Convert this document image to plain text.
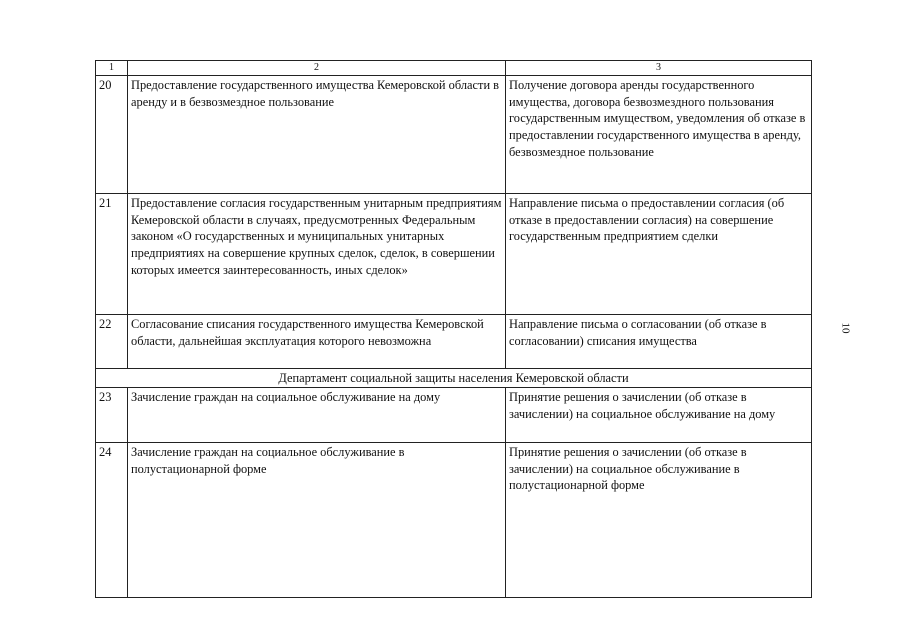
1	2	3
20	Предоставление государственного имущества Кемеровской области в аренду и в безвозмездное пользование	Получение договора аренды государственного имущества, договора безвозмездного пользования государственным имуществом, уведомления об отказе в предоставлении государственного имущества в аренду, безвозмездное пользование
21	Предоставление согласия государственным унитарным предприятиям Кемеровской области в случаях, предусмотренных Федеральным законом «О государственных и муниципальных унитарных предприятиях на совершение крупных сделок, сделок, в совершении которых имеется заинтересованность, иных сделок»	Направление письма о предоставлении согласия (об отказе в предоставлении согласия) на совершение государственным предприятием сделки
22	Согласование списания государственного имущества Кемеровской области, дальнейшая эксплуатация которого невозможна	Направление письма о согласовании (об отказе в согласовании) списания имущества
Департамент социальной защиты населения Кемеровской области		
23	Зачисление граждан на социальное обслуживание на дому	Принятие решения о зачислении (об отказе в зачислении) на социальное обслуживание на дому
24	Зачисление граждан на социальное обслуживание в полустационарной форме	Принятие решения о зачислении (об отказе в зачислении) на социальное обслуживание в полустационарной форме
10
